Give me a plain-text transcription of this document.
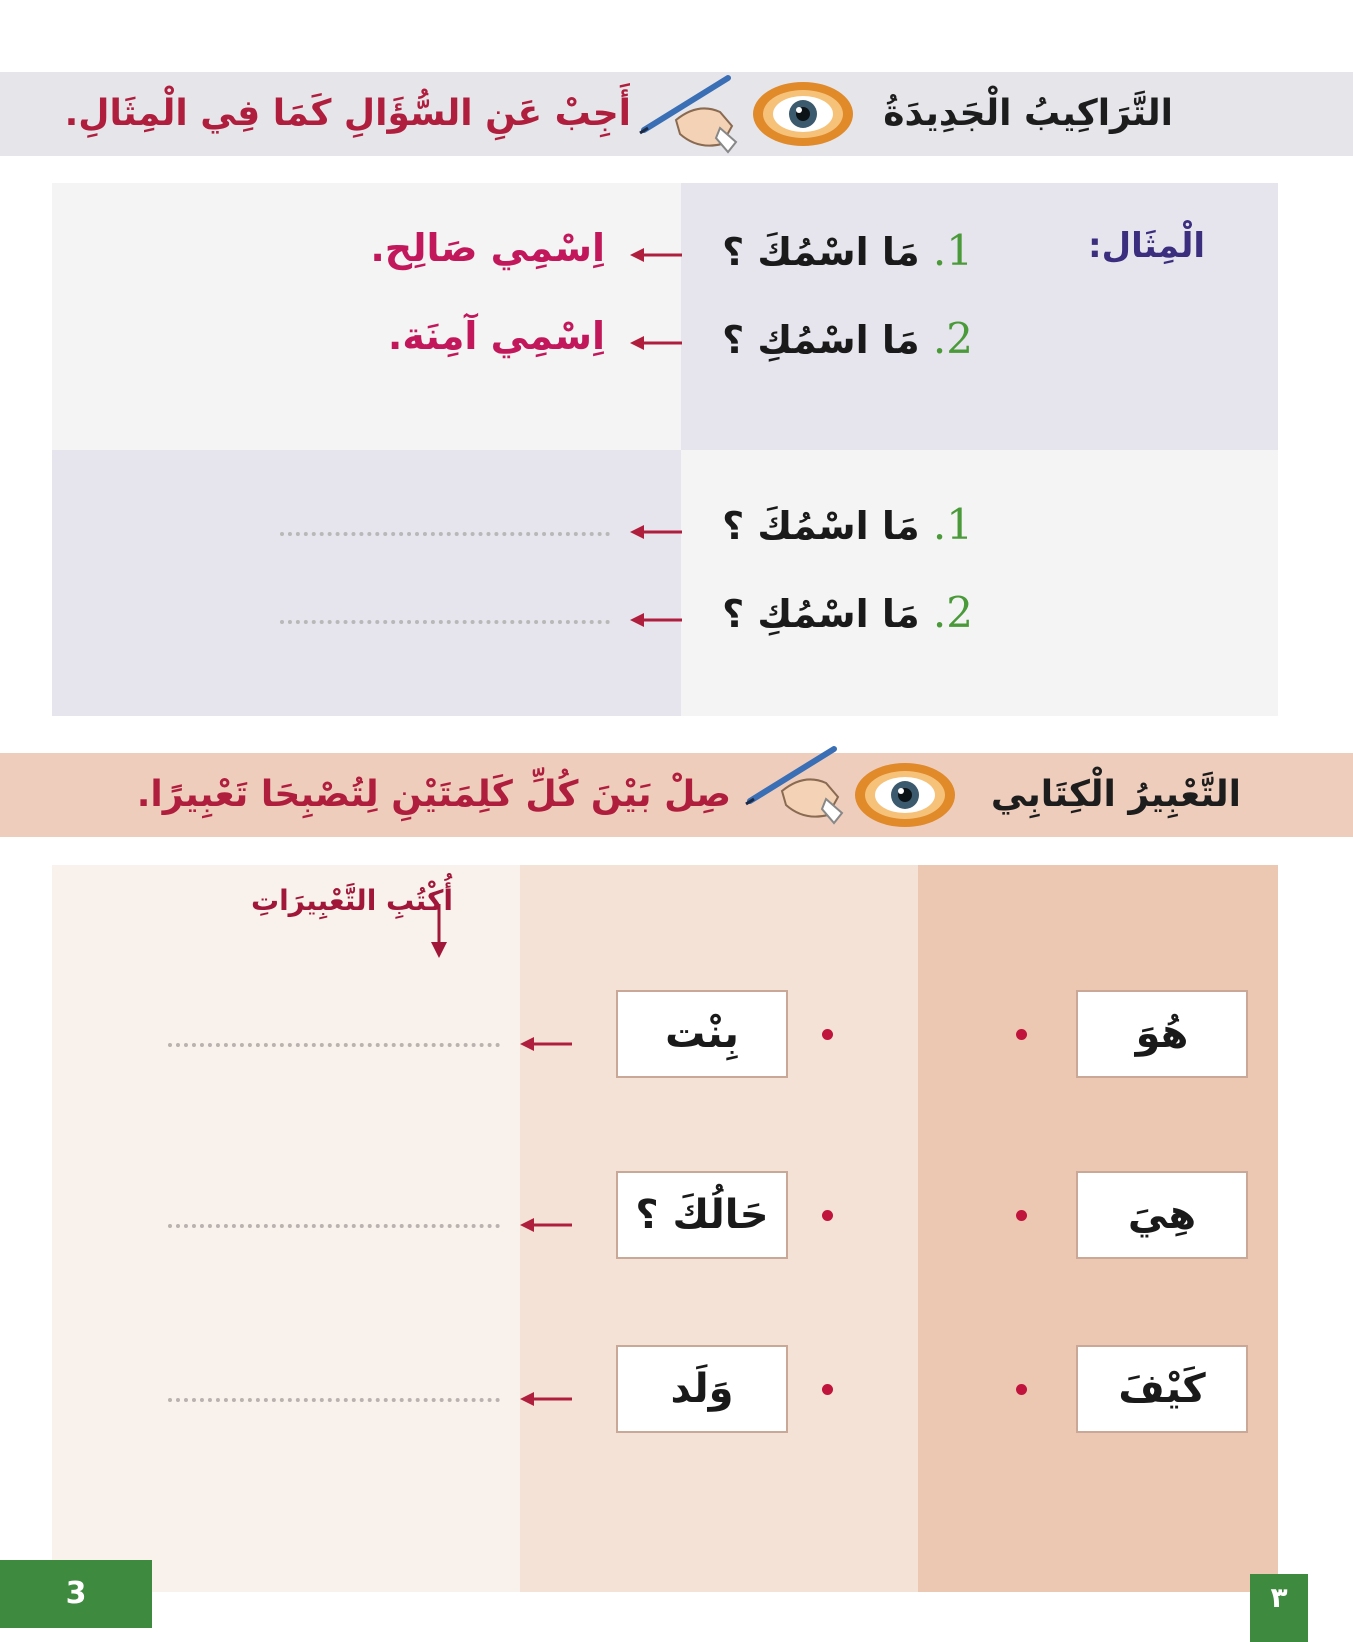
التَّرَاكِيبُ الْجَدِيدَةُ
أَجِبْ عَنِ السُّؤَالِ كَمَا فِي الْمِثَالِ.
الْمِثَال:
1. مَا اسْمُكَ ؟
اِسْمِي صَالِح.
2. مَا اسْمُكِ ؟
اِسْمِي آمِنَة.
1. مَا اسْمُكَ ؟
2. مَا اسْمُكِ ؟
التَّعْبِيرُ الْكِتَابِي
صِلْ بَيْنَ كُلِّ كَلِمَتَيْنِ لِتُصْبِحَا تَعْبِيرًا.
أُكْتُبِ التَّعْبِيرَاتِ
هُوَ
هِيَ
كَيْفَ
بِنْت
حَالُكَ ؟
وَلَد
3	٣
